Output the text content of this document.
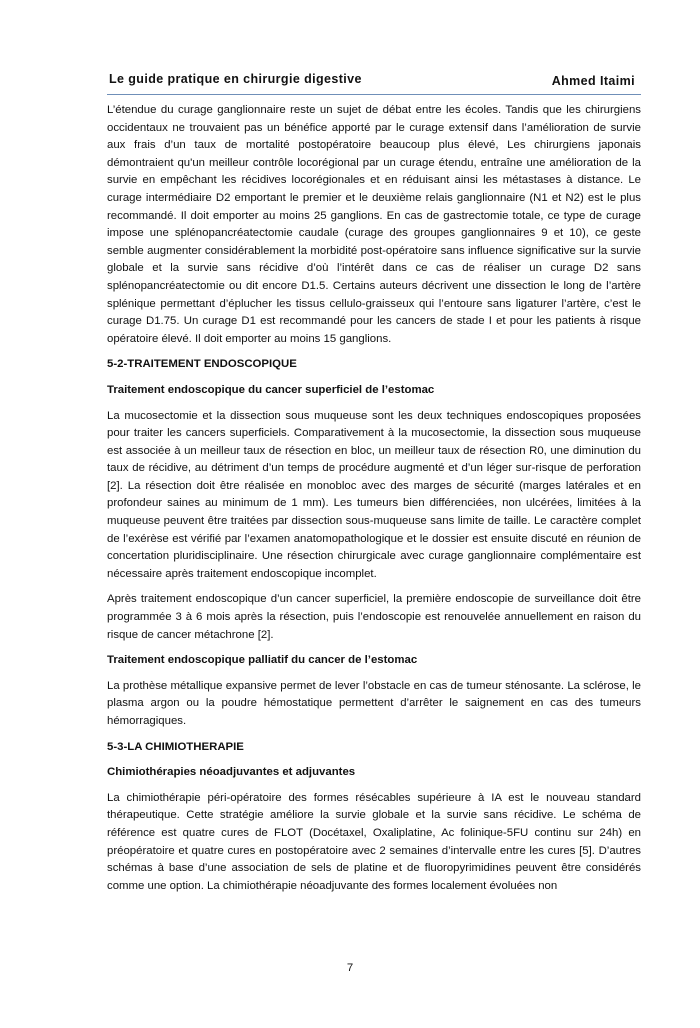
Le guide pratique en chirurgie digestive	Ahmed Itaimi

L’étendue du curage ganglionnaire reste un sujet de débat entre les écoles. Tandis que les chirurgiens occidentaux ne trouvaient pas un bénéfice apporté par le curage extensif dans l’amélioration de survie aux frais d’un taux de mortalité postopératoire beaucoup plus élevé, Les chirurgiens japonais démontraient qu'un meilleur contrôle locorégional par un curage étendu, entraîne une amélioration de la survie en empêchant les récidives locorégionales et en réduisant ainsi les métastases à distance. Le curage intermédiaire D2 emportant le premier et le deuxième relais ganglionnaire (N1 et N2) est le plus recommandé. Il doit emporter au moins 25 ganglions. En cas de gastrectomie totale, ce type de curage impose une splénopancréatectomie caudale (curage des groupes ganglionnaires 9 et 10), ce geste semble augmenter considérablement la morbidité post-opératoire sans influence significative sur la survie globale et la survie sans récidive d’où l’intérêt dans ce cas de réaliser un curage D2 sans splénopancréatectomie ou dit encore D1.5. Certains auteurs décrivent une dissection le long de l’artère splénique permettant d’éplucher les tissus cellulo-graisseux qui l’entoure sans ligaturer l’artère, c’est le curage D1.75. Un curage D1 est recommandé pour les cancers de stade I et pour les patients à risque opératoire élevé. Il doit emporter au moins 15 ganglions.

5-2-TRAITEMENT ENDOSCOPIQUE
Traitement endoscopique du cancer superficiel de l’estomac

La mucosectomie et la dissection sous muqueuse sont les deux techniques endoscopiques proposées pour traiter les cancers superficiels. Comparativement à la mucosectomie, la dissection sous muqueuse est associée à un meilleur taux de résection en bloc, un meilleur taux de résection R0, une diminution du taux de récidive, au détriment d’un temps de procédure augmenté et d’un léger sur-risque de perforation [2]. La résection doit être réalisée en monobloc avec des marges de sécurité (marges latérales et en profondeur saines au minimum de 1 mm). Les tumeurs bien différenciées, non ulcérées, limitées à la muqueuse peuvent être traitées par dissection sous-muqueuse sans limite de taille. Le caractère complet de l’exérèse est vérifié par l’examen anatomopathologique et le dossier est ensuite discuté en réunion de concertation pluridisciplinaire. Une résection chirurgicale avec curage ganglionnaire complémentaire est nécessaire après traitement endoscopique incomplet.

Après traitement endoscopique d’un cancer superficiel, la première endoscopie de surveillance doit être programmée 3 à 6 mois après la résection, puis l’endoscopie est renouvelée annuellement en raison du risque de cancer métachrone [2].

Traitement endoscopique palliatif du cancer de l’estomac

La prothèse métallique expansive permet de lever l’obstacle en cas de tumeur sténosante. La sclérose, le plasma argon ou la poudre hémostatique permettent d’arrêter le saignement en cas des tumeurs hémorragiques.

5-3-LA CHIMIOTHERAPIE
Chimiothérapies néoadjuvantes et adjuvantes

La chimiothérapie péri-opératoire des formes résécables supérieure à IA est le nouveau standard thérapeutique. Cette stratégie améliore la survie globale et la survie sans récidive. Le schéma de référence est quatre cures de FLOT (Docétaxel, Oxaliplatine, Ac folinique-5FU continu sur 24h) en préopératoire et quatre cures en postopératoire avec 2 semaines d’intervalle entre les cures [5]. D’autres schémas à base d’une association de sels de platine et de fluoropyrimidines peuvent être considérés comme une option. La chimiothérapie néoadjuvante des formes localement évoluées non

7
